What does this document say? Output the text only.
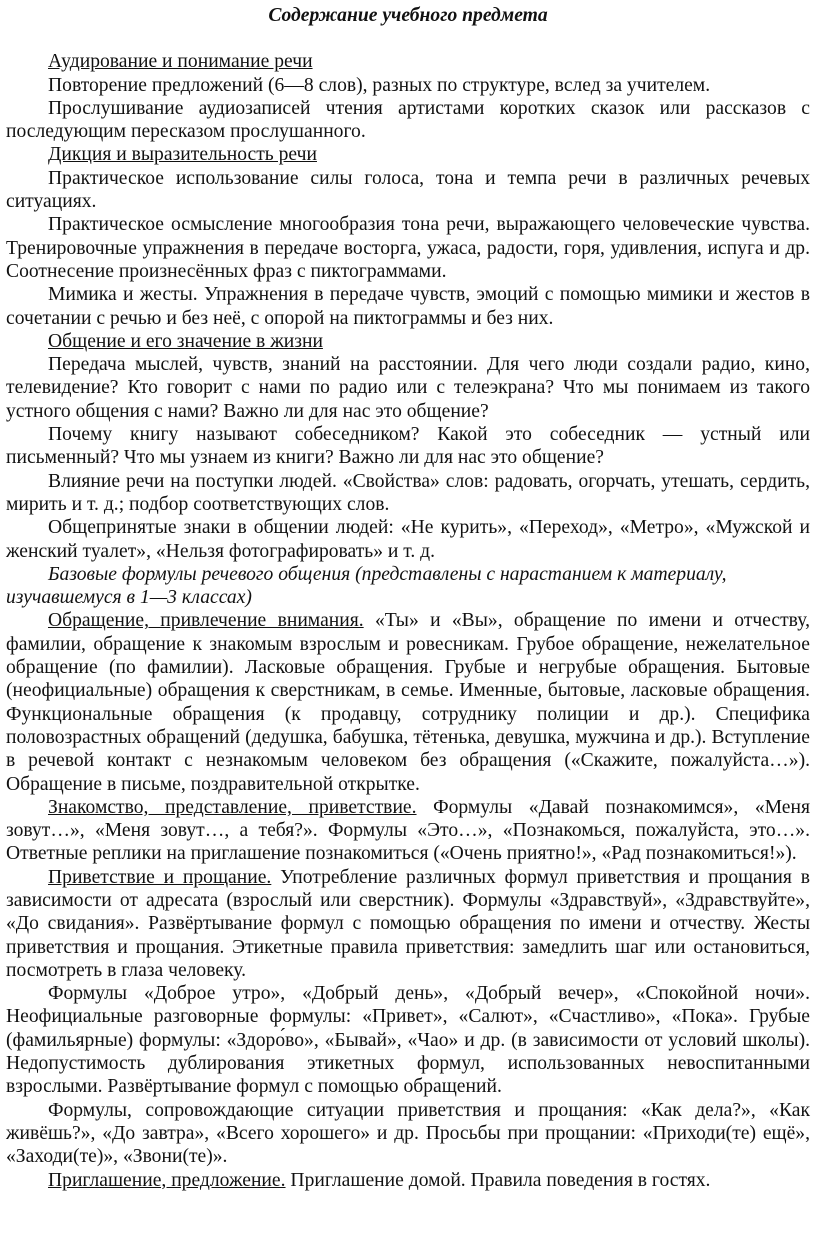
Содержание учебного предмета

Аудирование и понимание речи

Повторение предложений (6—8 слов), разных по структуре, вслед за учителем.

Прослушивание аудиозаписей чтения артистами коротких сказок или рассказов с последующим пересказом прослушанного.

Дикция и выразительность речи

Практическое использование силы голоса, тона и темпа речи в различных речевых ситуациях.

Практическое осмысление многообразия тона речи, выражающего человеческие чувства. Тренировочные упражнения в передаче восторга, ужаса, радости, горя, удивления, испуга и др. Соотнесение произнесённых фраз с пиктограммами.

Мимика и жесты. Упражнения в передаче чувств, эмоций с помощью мимики и жестов в сочетании с речью и без неё, с опорой на пиктограммы и без них.

Общение и его значение в жизни

Передача мыслей, чувств, знаний на расстоянии. Для чего люди создали радио, кино, телевидение? Кто говорит с нами по радио или с телеэкрана? Что мы понимаем из такого устного общения с нами? Важно ли для нас это общение?

Почему книгу называют собеседником? Какой это собеседник — устный или письменный? Что мы узнаем из книги? Важно ли для нас это общение?

Влияние речи на поступки людей. «Свойства» слов: радовать, огорчать, утешать, сердить, мирить и т. д.; подбор соответствующих слов.

Общепринятые знаки в общении людей: «Не курить», «Переход», «Метро», «Мужской и женский туалет», «Нельзя фотографировать» и т. д.

Базовые формулы речевого общения (представлены с нарастанием к материалу, изучавшемуся в 1—3 классах)

Обращение, привлечение внимания. «Ты» и «Вы», обращение по имени и отчеству, фамилии, обращение к знакомым взрослым и ровесникам. Грубое обращение, нежелательное обращение (по фамилии). Ласковые обращения. Грубые и негрубые обращения. Бытовые (неофициальные) обращения к сверстникам, в семье. Именные, бытовые, ласковые обращения. Функциональные обращения (к продавцу, сотруднику полиции и др.). Специфика половозрастных обращений (дедушка, бабушка, тётенька, девушка, мужчина и др.). Вступление в речевой контакт с незнакомым человеком без обращения («Скажите, пожалуйста…»). Обращение в письме, поздравительной открытке.

Знакомство, представление, приветствие. Формулы «Давай познакомимся», «Меня зовут…», «Меня зовут…, а тебя?». Формулы «Это…», «Познакомься, пожалуйста, это…». Ответные реплики на приглашение познакомиться («Очень приятно!», «Рад познакомиться!»).

Приветствие и прощание. Употребление различных формул приветствия и прощания в зависимости от адресата (взрослый или сверстник). Формулы «Здравствуй», «Здравствуйте», «До свидания». Развёртывание формул с помощью обращения по имени и отчеству. Жесты приветствия и прощания. Этикетные правила приветствия: замедлить шаг или остановиться, посмотреть в глаза человеку.

Формулы «Доброе утро», «Добрый день», «Добрый вечер», «Спокойной ночи». Неофициальные разговорные формулы: «Привет», «Салют», «Счастливо», «Пока». Грубые (фамильярные) формулы: «Здоро́во», «Бывай», «Чао» и др. (в зависимости от условий школы). Недопустимость дублирования этикетных формул, использованных невоспитанными взрослыми. Развёртывание формул с помощью обращений.

Формулы, сопровождающие ситуации приветствия и прощания: «Как дела?», «Как живёшь?», «До завтра», «Всего хорошего» и др. Просьбы при прощании: «Приходи(те) ещё», «Заходи(те)», «Звони(те)».

Приглашение, предложение. Приглашение домой. Правила поведения в гостях.
